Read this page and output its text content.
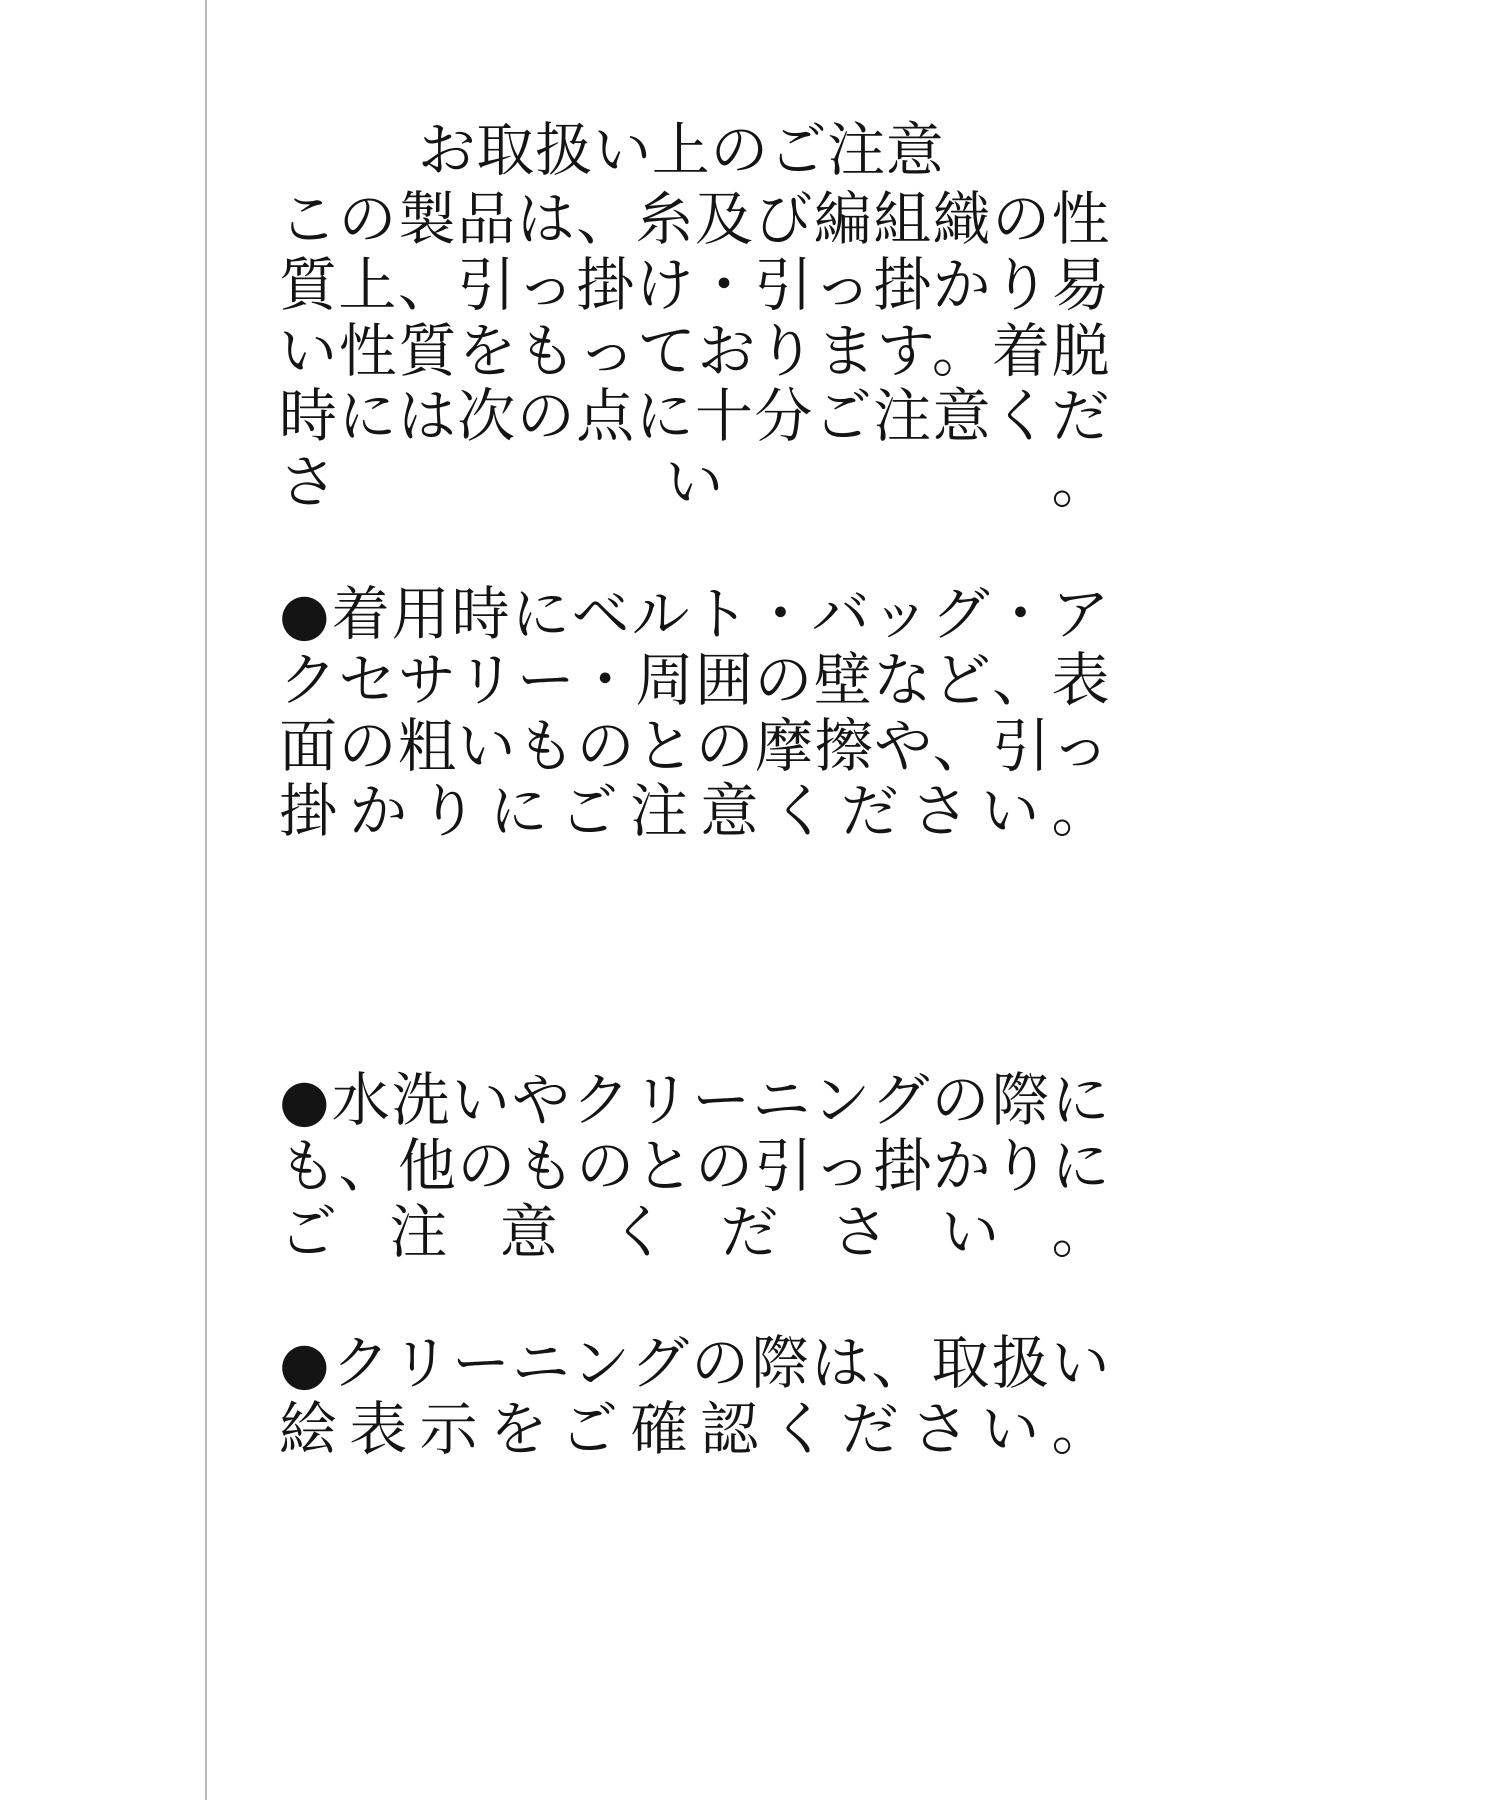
お取扱い上のご注意

この製品は、糸及び編組織の性質上、引っ掛け・引っ掛かり易い性質をもっております。着脱時には次の点に十分ご注意ください。

●着用時にベルト・バッグ・アクセサリー・周囲の壁など、表面の粗いものとの摩擦や、引っ掛かりにご注意ください。

●水洗いやクリーニングの際にも、他のものとの引っ掛かりにご注意ください。

●クリーニングの際は、取扱い絵表示をご確認ください。
